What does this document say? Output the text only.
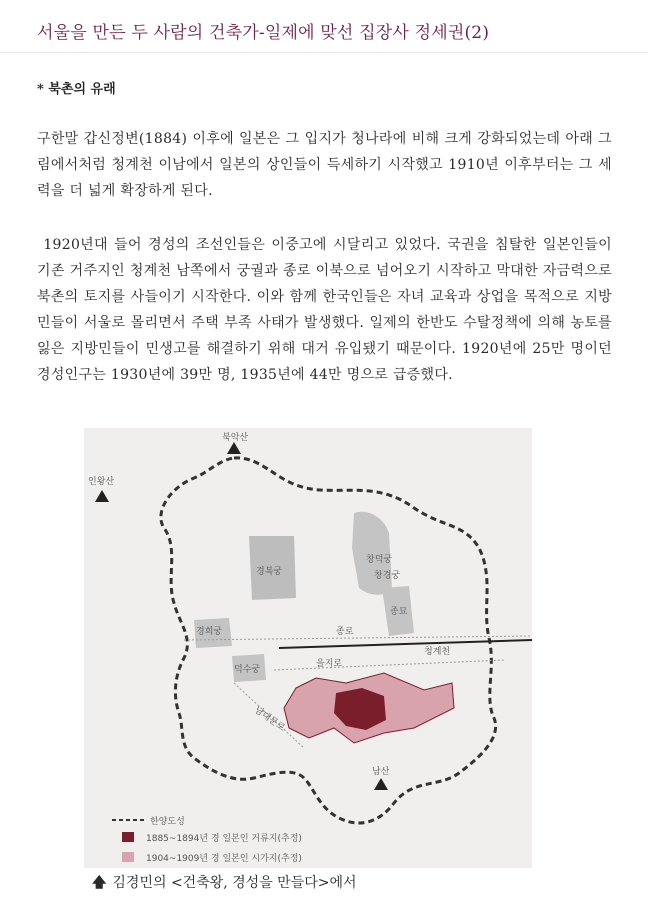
서울을 만든 두 사람의 건축가-일제에 맞선 집장사 정세권(2)
* 북촌의 유래
구한말 갑신정변(1884) 이후에 일본은 그 입지가 청나라에 비해 크게 강화되었는데 아래 그림에서처럼 청계천 이남에서 일본의 상인들이 득세하기 시작했고 1910년 이후부터는 그 세력을 더 넓게 확장하게 된다.
1920년대 들어 경성의 조선인들은 이중고에 시달리고 있었다. 국권을 침탈한 일본인들이 기존 거주지인 청계천 남쪽에서 궁궐과 종로 이북으로 넘어오기 시작하고 막대한 자금력으로 북촌의 토지를 사들이기 시작한다. 이와 함께 한국인들은 자녀 교육과 상업을 목적으로 지방민들이 서울로 몰리면서 주택 부족 사태가 발생했다. 일제의 한반도 수탈정책에 의해 농토를 잃은 지방민들이 민생고를 해결하기 위해 대거 유입됐기 때문이다. 1920년에 25만 명이던 경성인구는 1930년에 39만 명, 1935년에 44만 명으로 급증했다.
북악산
인왕산
남산
경복궁
창덕궁
창경궁
종묘
경희궁
덕수궁
종로
을지로
청계천
남대문로
한양도성
1885~1894년 경 일본인 거류지(추정)
1904~1909년 경 일본인 시가지(추정)
🡅 김경민의 <건축왕, 경성을 만들다>에서
